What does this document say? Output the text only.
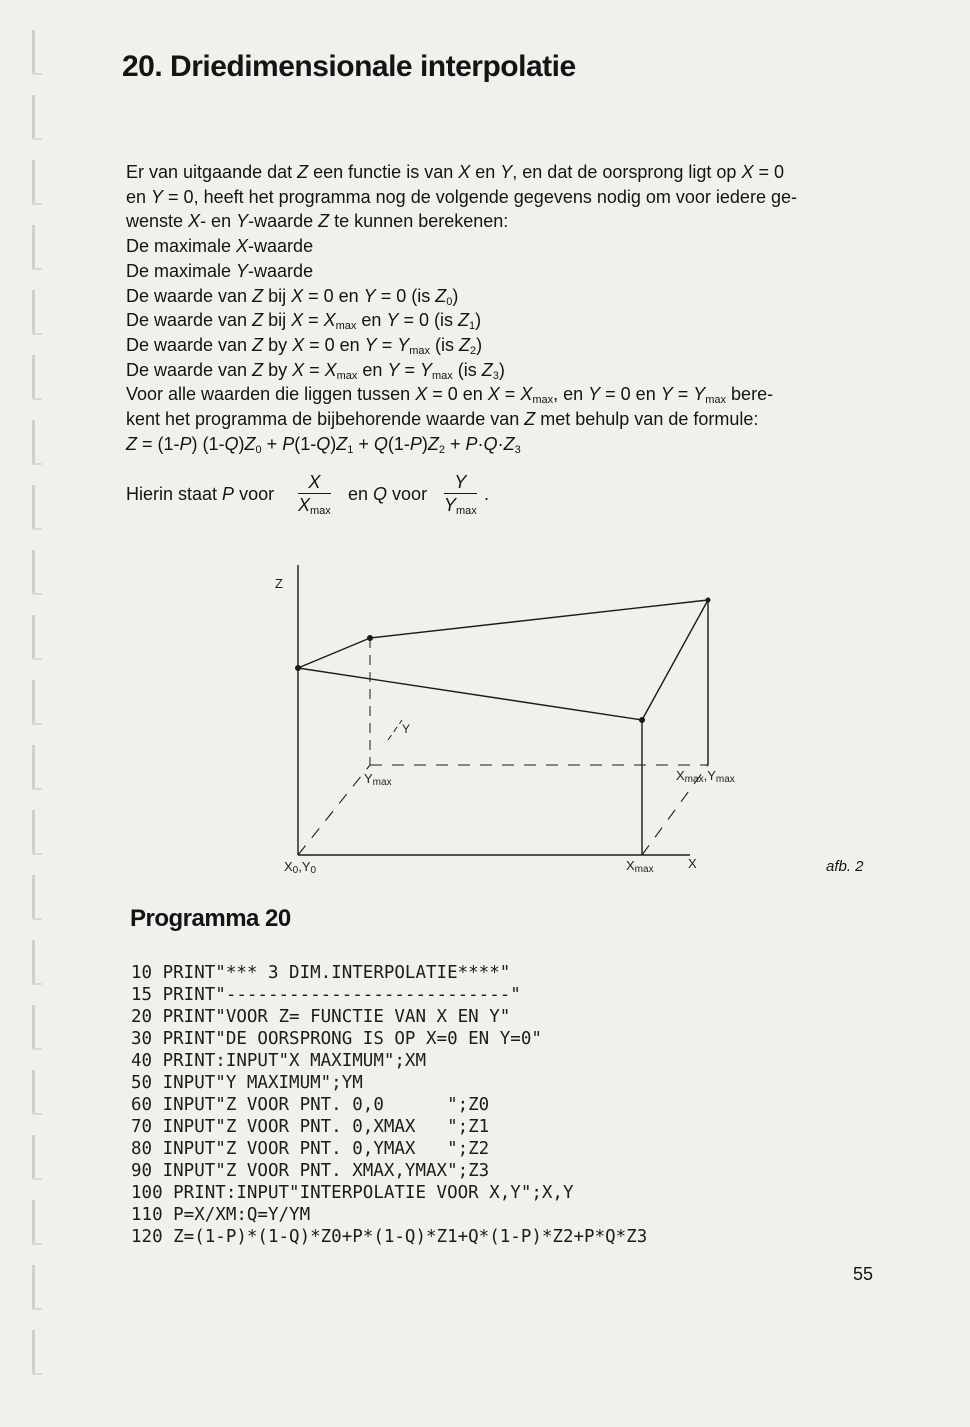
20. Driedimensionale interpolatie

Er van uitgaande dat Z een functie is van X en Y, en dat de oorsprong ligt op X = 0
en Y = 0, heeft het programma nog de volgende gegevens nodig om voor iedere ge-
wenste X- en Y-waarde Z te kunnen berekenen:

De maximale X-waarde

De maximale Y-waarde

De waarde van Z bij X = 0 en Y = 0 (is $Z_0$)

De waarde van Z bij $X = X_{max}$ en Y = 0 (is $Z_1$)

De waarde van Z by X = 0 en $Y = Y_{max}$ (is $Z_2$)

De waarde van Z by $X = X_{max}$ en $Y = Y_{max}$ (is $Z_3$)

Voor alle waarden die liggen tussen X = 0 en $X = X_{max}$, en Y = 0 en $Y = Y_{max}$ bere-
kent het programma de bijbehorende waarde van Z met behulp van de formule:

Z = (1-P) $(1-Q)Z_0 + P(1-Q)Z_1 + Q(1-P)Z_2 + P\cdot Q\cdot Z_3$

Hierin staat P voor
X
$X_{max}$
en Q voor
Y
$Y_{max}$
.
Z
X
Y
Ymax	Xmax,Ymax
X0,Y0	Xmax	afb. 2
Programma 20
10 PRINT"*** 3 DIM.INTERPOLATIE****"
15 PRINT"---------------------------"
20 PRINT"VOOR Z= FUNCTIE VAN X EN Y"
30 PRINT"DE OORSPRONG IS OP X=0 EN Y=0"
40 PRINT:INPUT"X MAXIMUM";XM
50 INPUT"Y MAXIMUM";YM
60 INPUT"Z VOOR PNT. 0,0      ";Z0
70 INPUT"Z VOOR PNT. 0,XMAX   ";Z1
80 INPUT"Z VOOR PNT. 0,YMAX   ";Z2
90 INPUT"Z VOOR PNT. XMAX,YMAX";Z3
100 PRINT:INPUT"INTERPOLATIE VOOR X,Y";X,Y
110 P=X/XM:Q=Y/YM
120 Z=(1-P)*(1-Q)*Z0+P*(1-Q)*Z1+Q*(1-P)*Z2+P*Q*Z3
55
